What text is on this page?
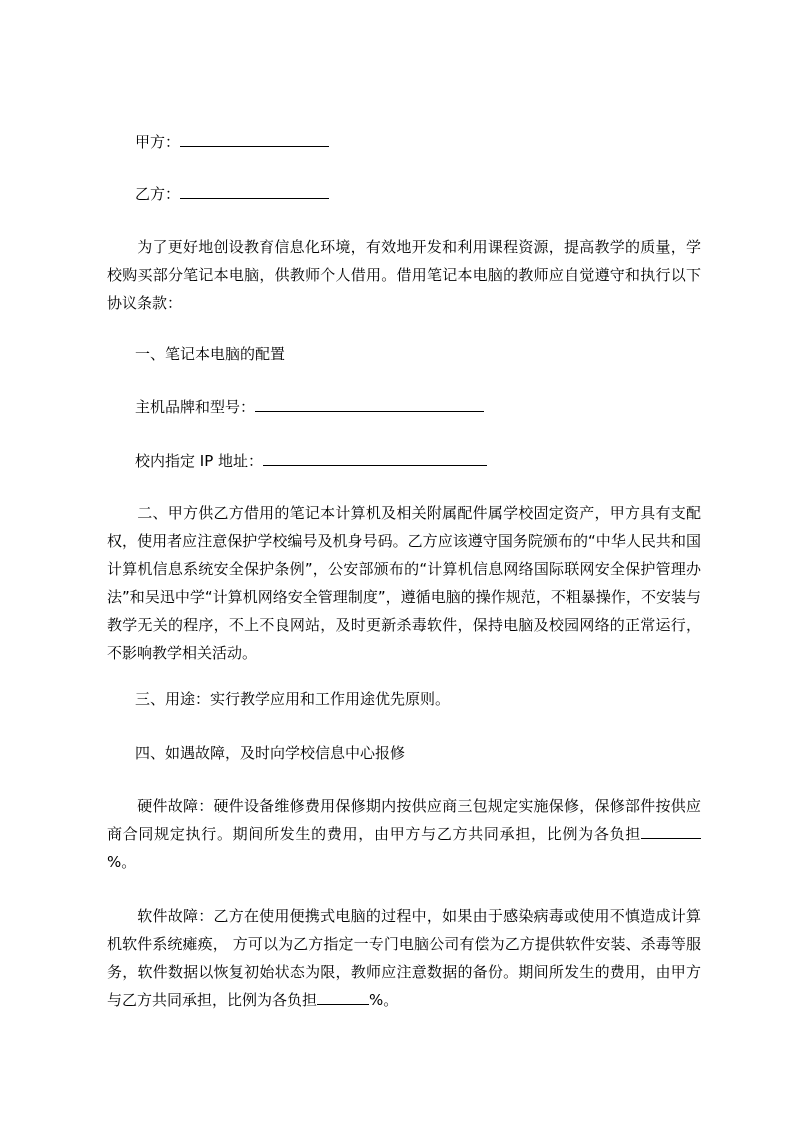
甲方：
乙方：
为了更好地创设教育信息化环境，有效地开发和利用课程资源，提高教学的质量，学校购买部分笔记本电脑，供教师个人借用。借用笔记本电脑的教师应自觉遵守和执行以下协议条款：
一、笔记本电脑的配置
主机品牌和型号：
校内指定 IP 地址：
二、甲方供乙方借用的笔记本计算机及相关附属配件属学校固定资产，甲方具有支配权，使用者应注意保护学校编号及机身号码。乙方应该遵守国务院颁布的“中华人民共和国计算机信息系统安全保护条例”，公安部颁布的“计算机信息网络国际联网安全保护管理办法”和吴迅中学“计算机网络安全管理制度”，遵循电脑的操作规范，不粗暴操作，不安装与教学无关的程序，不上不良网站，及时更新杀毒软件，保持电脑及校园网络的正常运行，不影响教学相关活动。
三、用途：实行教学应用和工作用途优先原则。
四、如遇故障，及时向学校信息中心报修
硬件故障：硬件设备维修费用保修期内按供应商三包规定实施保修，保修部件按供应商合同规定执行。期间所发生的费用，由甲方与乙方共同承担，比例为各负担%。
软件故障：乙方在使用便携式电脑的过程中，如果由于感染病毒或使用不慎造成计算机软件系统瘫痪， 方可以为乙方指定一专门电脑公司有偿为乙方提供软件安装、杀毒等服务，软件数据以恢复初始状态为限，教师应注意数据的备份。期间所发生的费用，由甲方与乙方共同承担，比例为各负担	%。
